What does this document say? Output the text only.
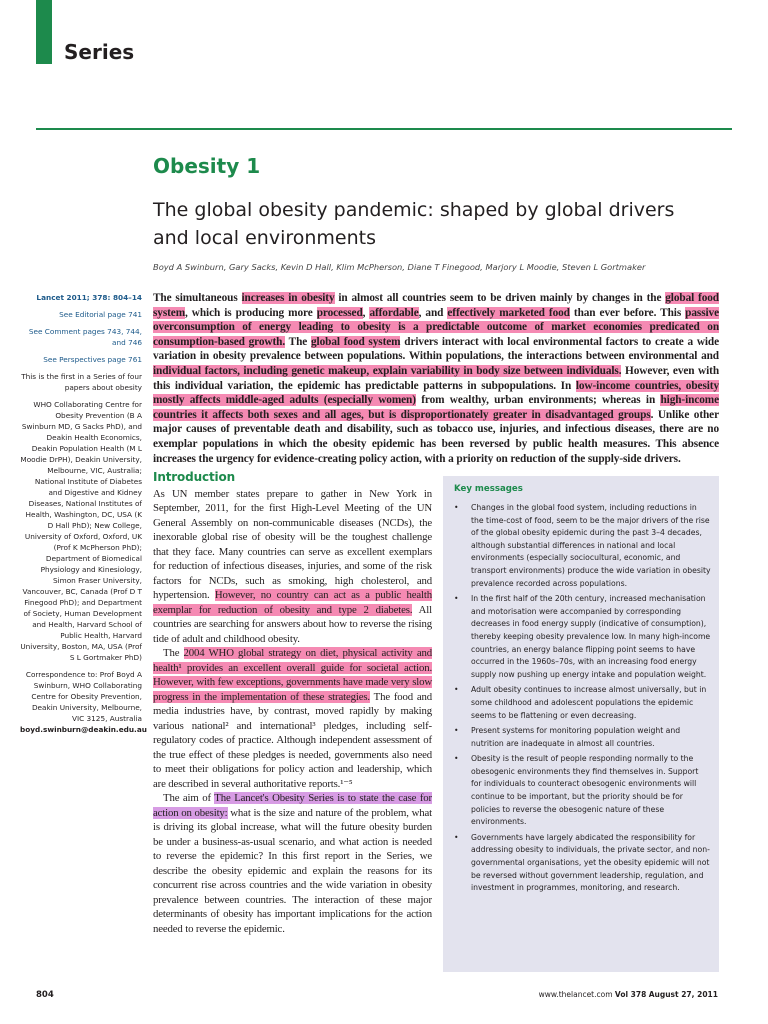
Series
Obesity 1
The global obesity pandemic: shaped by global drivers and local environments
Boyd A Swinburn, Gary Sacks, Kevin D Hall, Klim McPherson, Diane T Finegood, Marjory L Moodie, Steven L Gortmaker

Lancet 2011; 378: 804–14

See Editorial page 741

See Comment pages 743, 744, and 746

See Perspectives page 761

This is the first in a Series of four papers about obesity

WHO Collaborating Centre for Obesity Prevention (B A Swinburn MD, G Sacks PhD), and Deakin Health Economics, Deakin Population Health (M L Moodie DrPH), Deakin University, Melbourne, VIC, Australia; National Institute of Diabetes and Digestive and Kidney Diseases, National Institutes of Health, Washington, DC, USA (K D Hall PhD); New College, University of Oxford, Oxford, UK (Prof K McPherson PhD); Department of Biomedical Physiology and Kinesiology, Simon Fraser University, Vancouver, BC, Canada (Prof D T Finegood PhD); and Department of Society, Human Development and Health, Harvard School of Public Health, Harvard University, Boston, MA, USA (Prof S L Gortmaker PhD)

Correspondence to: Prof Boyd A Swinburn, WHO Collaborating Centre for Obesity Prevention, Deakin University, Melbourne, VIC 3125, Australia
boyd.swinburn@deakin.edu.au

The simultaneous increases in obesity in almost all countries seem to be driven mainly by changes in the global food system, which is producing more processed, affordable, and effectively marketed food than ever before. This passive overconsumption of energy leading to obesity is a predictable outcome of market economies predicated on consumption-based growth. The global food system drivers interact with local environmental factors to create a wide variation in obesity prevalence between populations. Within populations, the interactions between environmental and individual factors, including genetic makeup, explain variability in body size between individuals. However, even with this individual variation, the epidemic has predictable patterns in subpopulations. In low-income countries, obesity mostly affects middle-aged adults (especially women) from wealthy, urban environments; whereas in high-income countries it affects both sexes and all ages, but is disproportionately greater in disadvantaged groups. Unlike other major causes of preventable death and disability, such as tobacco use, injuries, and infectious diseases, there are no exemplar populations in which the obesity epidemic has been reversed by public health measures. This absence increases the urgency for evidence-creating policy action, with a priority on reduction of the supply-side drivers.
Introduction

As UN member states prepare to gather in New York in September, 2011, for the first High-Level Meeting of the UN General Assembly on non-communicable diseases (NCDs), the inexorable global rise of obesity will be the toughest challenge that they face. Many countries can serve as excellent exemplars for reduction of infectious diseases, injuries, and some of the risk factors for NCDs, such as smoking, high cholesterol, and hypertension. However, no country can act as a public health exemplar for reduction of obesity and type 2 diabetes. All countries are searching for answers about how to reverse the rising tide of adult and childhood obesity.

The 2004 WHO global strategy on diet, physical activity and health¹ provides an excellent overall guide for societal action. However, with few exceptions, governments have made very slow progress in the implementation of these strategies. The food and media industries have, by contrast, moved rapidly by making various national² and international³ pledges, including self-regulatory codes of practice. Although independent assessment of the true effect of these pledges is needed, governments also need to meet their obligations for policy action and leadership, which are described in several authoritative reports.¹⁻⁵

The aim of The Lancet's Obesity Series is to state the case for action on obesity: what is the size and nature of the problem, what is driving its global increase, what will the future obesity burden be under a business-as-usual scenario, and what action is needed to reverse the epidemic? In this first report in the Series, we describe the obesity epidemic and explain the reasons for its concurrent rise across countries and the wide variation in obesity prevalence between countries. The interaction of these major determinants of obesity has important implications for the action needed to reverse the epidemic.

Key messages
• Changes in the global food system, including reductions in the time-cost of food, seem to be the major drivers of the rise of the global obesity epidemic during the past 3–4 decades, although substantial differences in national and local environments (especially sociocultural, economic, and transport environments) produce the wide variation in obesity prevalence recorded across populations.
• In the first half of the 20th century, increased mechanisation and motorisation were accompanied by corresponding decreases in food energy supply (indicative of consumption), thereby keeping obesity prevalence low. In many high-income countries, an energy balance flipping point seems to have occurred in the 1960s–70s, with an increasing food energy supply now pushing up energy intake and population weight.
• Adult obesity continues to increase almost universally, but in some childhood and adolescent populations the epidemic seems to be flattening or even decreasing.
• Present systems for monitoring population weight and nutrition are inadequate in almost all countries.
• Obesity is the result of people responding normally to the obesogenic environments they find themselves in. Support for individuals to counteract obesogenic environments will continue to be important, but the priority should be for policies to reverse the obesogenic nature of these environments.
• Governments have largely abdicated the responsibility for addressing obesity to individuals, the private sector, and non-governmental organisations, yet the obesity epidemic will not be reversed without government leadership, regulation, and investment in programmes, monitoring, and research.
804	www.thelancet.com Vol 378 August 27, 2011
